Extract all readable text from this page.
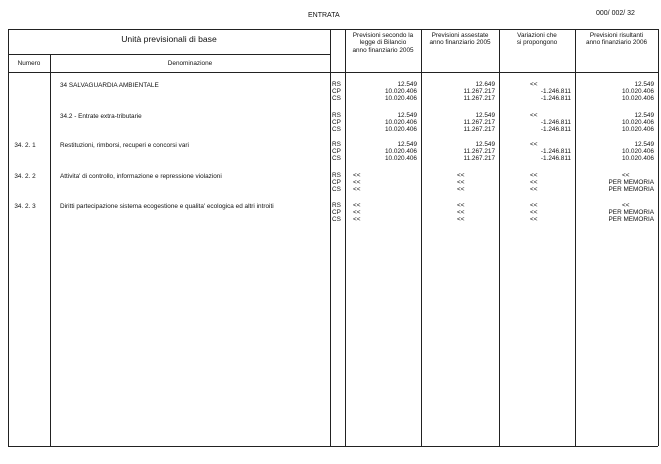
ENTRATA	000/ 002/ 32
Unità previsionali di base
Numero	Denominazione
Previsioni secondo la
legge di Bilancio
anno finanziario 2005
Previsioni assestate
anno finanziario 2005
Variazioni che
si propongono
Previsioni risultanti
anno finanziario 2006
34 SALVAGUARDIA AMBIENTALE	RS	12.549	12.649	<<	12.549
CP	10.020.406	11.267.217	-1.246.811	10.020.406
CS	10.020.406	11.267.217	-1.246.811	10.020.406
34.2 - Entrate extra-tributarie	RS	12.549	12.549	<<	12.549
CP	10.020.406	11.267.217	-1.246.811	10.020.406
CS	10.020.406	11.267.217	-1.246.811	10.020.406
34. 2. 1	Restituzioni, rimborsi, recuperi e concorsi vari	RS	12.549	12.549	<<	12.549
CP	10.020.406	11.267.217	-1.246.811	10.020.406
CS	10.020.406	11.267.217	-1.246.811	10.020.406
34. 2. 2	Attivita' di controllo, informazione e repressione violazioni	RS <<	<<	<<	<<
CP <<	<<	<<	PER MEMORIA
CS <<	<<	<<	PER MEMORIA
34. 2. 3	Diritti partecipazione sistema ecogestione e qualita' ecologica ed altri introiti	RS <<	<<	<<	<<
CP <<	<<	<<	PER MEMORIA
CS <<	<<	<<	PER MEMORIA
